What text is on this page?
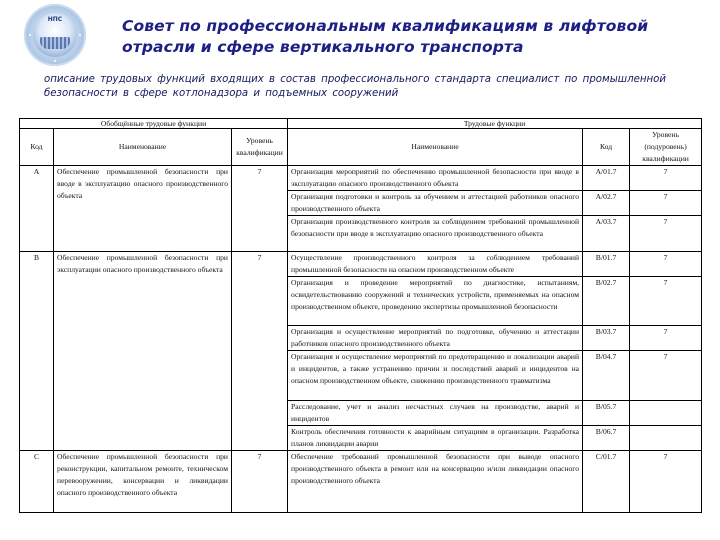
НПС	Совет по профессиональным квалификациям в лифтовой отрасли и сфере вертикального транспорта
описание трудовых функций входящих в состав профессионального стандарта специалист по промышленной безопасности в сфере котлонадзора и подъемных сооружений
Обобщённые трудовые функции			Трудовые функции		
Код	Наименование	Уровень квалификации	Наименование	Код	Уровень (подуровень) квалификации
A	Обеспечение промышленной безопасности при вводе в эксплуатацию опасного производственного объекта	7	Организация мероприятий по обеспечению промышленной безопасности при вводе в эксплуатацию опасного производственного объекта	A/01.7	7
			Организация подготовки и контроль за обучением и аттестацией работников опасного производственного объекта	A/02.7	7
			Организация производственного контроля за соблюдением требований промышленной безопасности при вводе в эксплуатацию опасного производственного объекта	A/03.7	7
B	Обеспечение промышленной безопасности при эксплуатации опасного производственного объекта	7	Осуществление производственного контроля за соблюдением требований промышленной безопасности на опасном производственном объекте	B/01.7	7
			Организация и проведение мероприятий по диагностике, испытаниям, освидетельствованию сооружений и технических устройств, применяемых на опасном производственном объекте, проведению экспертизы промышленной безопасности	B/02.7	7
			Организация и осуществление мероприятий по подготовке, обучению и аттестации работников опасного производственного объекта	B/03.7	7
			Организация и осуществление мероприятий по предотвращению и локализации аварий и инцидентов, а также устранению причин и последствий аварий и инцидентов на опасном производственном объекте, снижению производственного травматизма	B/04.7	7
			Расследование, учет и анализ несчастных случаев на производстве, аварий и инцидентов	B/05.7	
			Контроль обеспечения готовности к аварийным ситуациям в организации. Разработка планов ликвидации аварии	B/06.7	
C	Обеспечение промышленной безопасности при реконструкции, капитальном ремонте, техническом перевооружении, консервации и ликвидации опасного производственного объекта	7	Обеспечение требований промышленной безопасности при выводе опасного производственного объекта в ремонт или на консервацию и/или ликвидации опасного производственного объекта	C/01.7	7
